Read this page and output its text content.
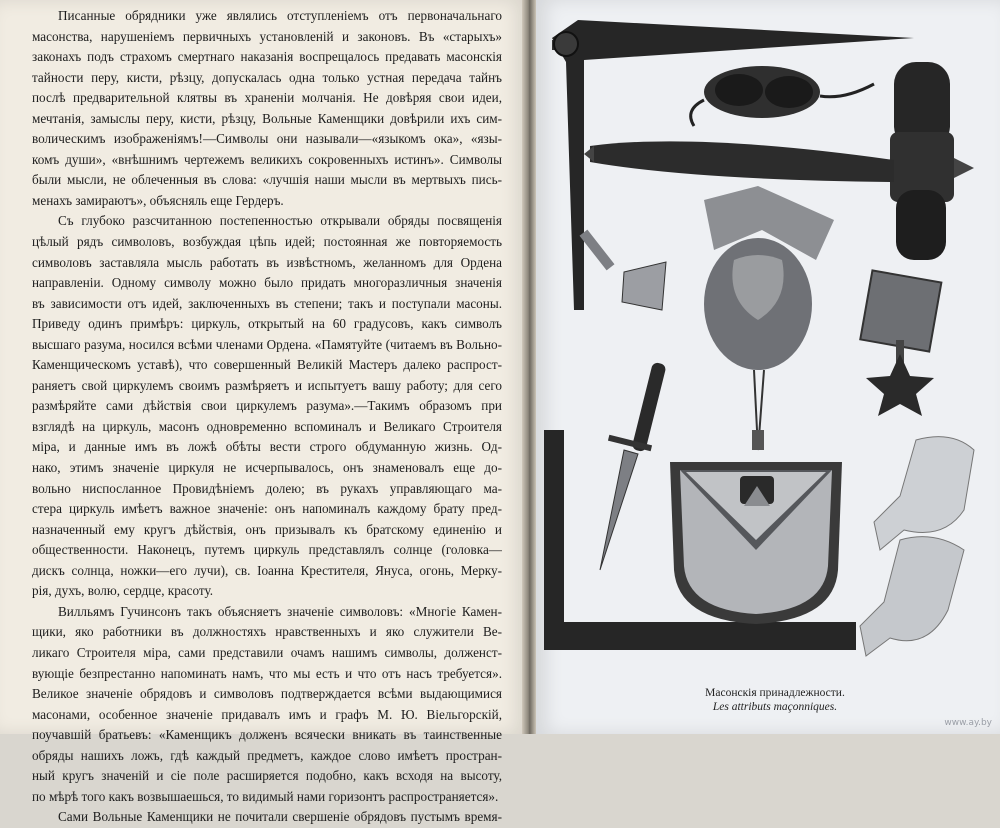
Писанные обрядники уже являлись отступленіемъ отъ первоначальнаго
масонства, нарушеніемъ первичныхъ установленій и законовъ. Въ «старыхъ»
законахъ подъ страхомъ смертнаго наказанія воспрещалось предавать масонскія
тайности перу, кисти, рѣзцу, допускалась одна только устная передача тайнъ
послѣ предварительной клятвы въ храненіи молчанія. Не довѣряя свои идеи,
мечтанія, замыслы перу, кисти, рѣзцу, Вольные Каменщики довѣрили ихъ сим-
волическимъ изображеніямъ!—Символы они называли—«языкомъ ока», «язы-
комъ души», «внѣшнимъ чертежемъ великихъ сокровенныхъ истинъ». Символы
были мысли, не облеченныя въ слова: «лучшія наши мысли въ мертвыхъ пись-
менахъ замираютъ», объясняль еще Гердеръ.
Съ глубоко разсчитанною постепенностью открывали обряды посвященія
цѣлый рядъ символовъ, возбуждая цѣпь идей; постоянная же повторяемость
символовъ заставляла мысль работать въ извѣстномъ, желанномъ для Ордена
направленіи. Одному символу можно было придать многоразличныя значенія
въ зависимости отъ идей, заключенныхъ въ степени; такъ и поступали масоны.
Приведу одинъ примѣръ: циркуль, открытый на 60 градусовъ, какъ символъ
высшаго разума, носился всѣми членами Ордена. «Памятуйте (читаемъ въ Вольно-
Каменщическомъ уставѣ), что совершенный Великій Мастеръ далеко распрост-
раняетъ свой циркулемъ своимъ размѣряетъ и испытуетъ вашу работу; для сего
размѣряйте сами дѣйствія свои циркулемъ разума».—Такимъ образомъ при
взглядѣ на циркуль, масонъ одновременно вспоминалъ и Великаго Строителя
міра, и данные имъ въ ложѣ обѣты вести строго обдуманную жизнь. Од-
нако, этимъ значеніе циркуля не исчерпывалось, онъ знаменовалъ еще до-
вольно ниспосланное Провидѣніемъ долею; въ рукахъ управляющаго ма-
стера циркуль имѣетъ важное значеніе: онъ напоминалъ каждому брату пред-
назначенный ему кругъ дѣйствія, онъ призывалъ къ братскому единенію и
общественности. Наконецъ, путемъ циркуль представлялъ солнце (головка—
дискъ солнца, ножки—его лучи), св. Іоанна Крестителя, Януса, огонь, Мерку-
рія, духъ, волю, сердце, красоту.
Вилльямъ Гучинсонъ такъ объясняетъ значеніе символовъ: «Многіе Камен-
щики, яко работники въ должностяхъ нравственныхъ и яко служители Ве-
ликаго Строителя міра, сами представили очамъ нашимъ символы, долженст-
вующіе безпрестанно напоминать намъ, что мы есть и что отъ насъ требуется».
Великое значеніе обрядовъ и символовъ подтверждается всѣми выдающимися
масонами, особенное значеніе придавалъ имъ и графъ М. Ю. Віельгорскій,
поучавшій братьевъ: «Каменщикъ долженъ всячески вникать въ таинственные
обряды нашихъ ложъ, гдѣ каждый предметъ, каждое слово имѣетъ простран-
ный кругъ значеній и сіе поле расширяется подобно, какъ всходя на высоту,
по мѣрѣ того какъ возвышаешься, то видимый нами горизонтъ распространяется».
Сами Вольные Каменщики не почитали свершеніе обрядовъ пустымъ время-
Масонскія принадлежности.
Les attributs maçonniques.
www.ay.by
